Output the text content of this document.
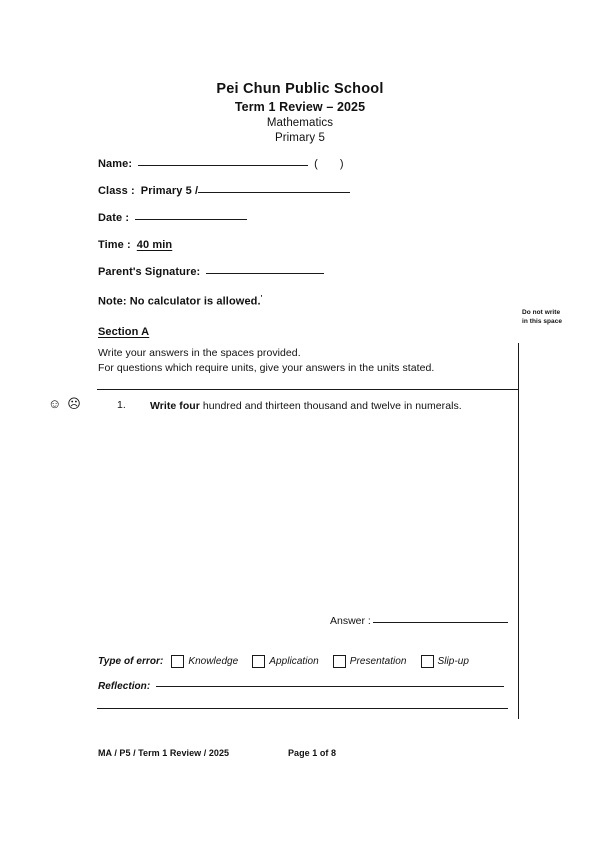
Pei Chun Public School
Term 1 Review – 2025
Mathematics
Primary 5
Name:	( )
Class : Primary 5 /
Date :
Time : 40 min
Parent's Signature:
Note: No calculator is allowed.'
Section A
Write your answers in the spaces provided.
For questions which require units, give your answers in the units stated.
Do not write
in this space
☺☹	1. Write four hundred and thirteen thousand and twelve in numerals.
Answer :
Type of error:	Knowledge	Application	Presentation	Slip-up
Reflection:
MA / P5 / Term 1 Review / 2025	Page 1 of 8
